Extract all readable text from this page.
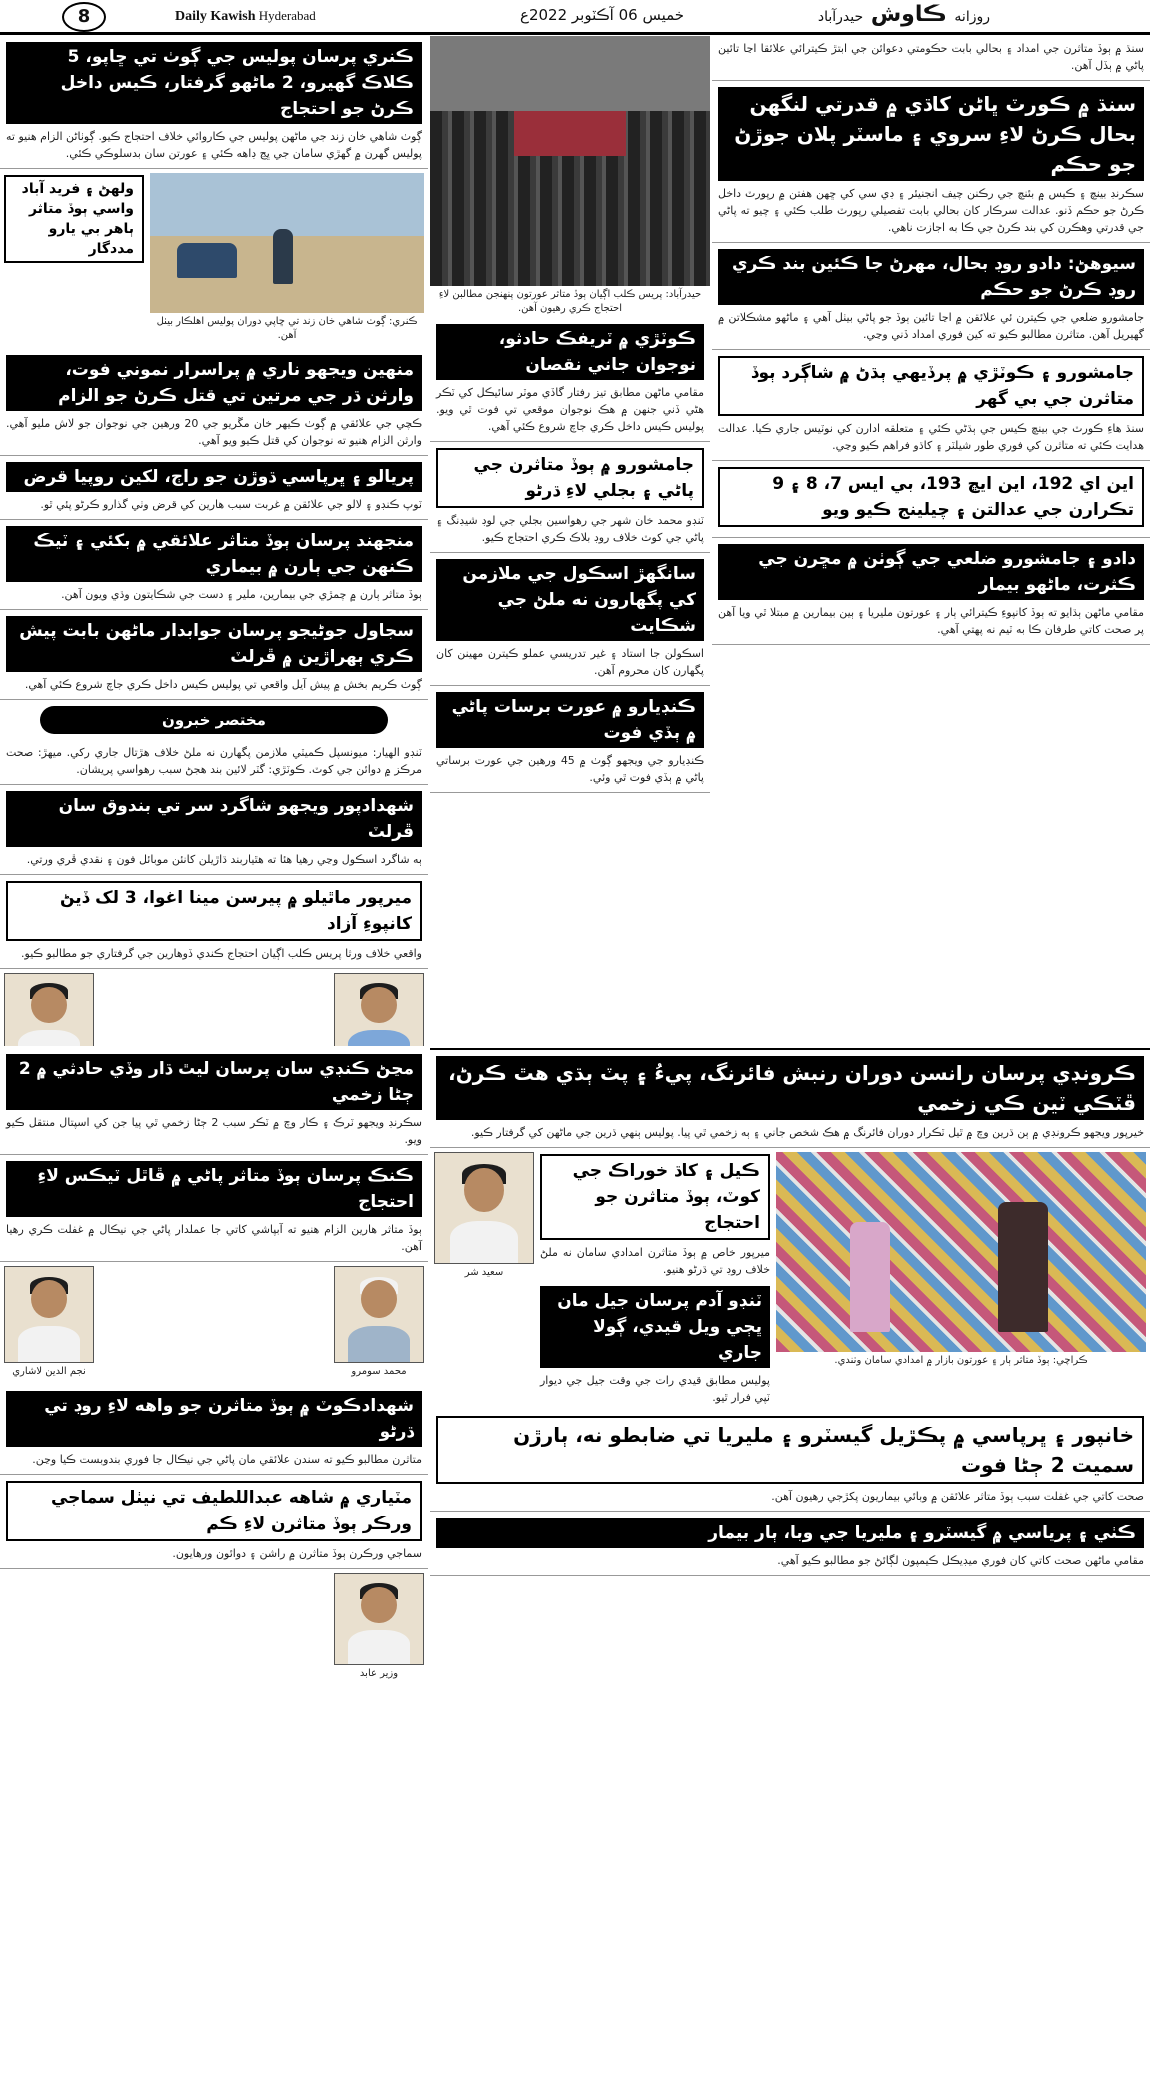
8	Daily Kawish Hyderabad	خميس 06 آڪٽوبر 2022ع	روزانه ڪاوش حيدرآباد
سنڌ ۾ ٻوڏ متاثرن جي امداد ۽ بحالي بابت حڪومتي دعوائن جي ابتڙ ڪيترائي علائقا اڃا تائين پاڻي ۾ ٻڏل آهن.
سنڌ ۾ ڪورٽ ڀاڻن کاڌي ۾ قدرتي لنگهن بحال ڪرڻ لاءِ سروي ۽ ماسٽر پلان جوڙڻ جو حڪم
سڪرنڊ بينچ ۽ ڪيس ۾ بئنچ جي رڪنن چيف انجنيئر ۽ ڊي سي کي ڇهن هفتن ۾ رپورٽ داخل ڪرڻ جو حڪم ڏنو. عدالت سرڪار کان بحالي بابت تفصيلي رپورٽ طلب ڪئي ۽ چيو ته پاڻي جي قدرتي وهڪرن کي بند ڪرڻ جي ڪا به اجازت ناهي.
سيوهڻ: دادو روڊ بحال، مهرڻ جا ڪئين بند ڪري روڊ ڪرڻ جو حڪم
جامشورو ضلعي جي ڪيترن ئي علائقن ۾ اڃا تائين ٻوڏ جو پاڻي بيٺل آهي ۽ ماڻهو مشڪلاتن ۾ گهيريل آهن. متاثرن مطالبو ڪيو ته کين فوري امداد ڏني وڃي.
جامشورو ۽ ڪوٽڙي ۾ پرڏيهي ٻڌڻ ۾ شاڳرد ٻوڏ متاثرن جي بي گهر
سنڌ هاءِ ڪورٽ جي بينچ ڪيس جي ٻڌڻي ڪئي ۽ متعلقه ادارن کي نوٽيس جاري ڪيا. عدالت هدايت ڪئي ته متاثرن کي فوري طور شيلٽر ۽ کاڌو فراهم ڪيو وڃي.
اين اي 192، اين ايڇ 193، بي ايس 7، 8 ۽ 9 تڪرارن جي عدالتن ۽ چيلينج ڪيو ويو
دادو ۽ جامشورو ضلعي جي ڳوٺن ۾ مڇرن جي ڪثرت، ماڻهو بيمار
مقامي ماڻهن ٻڌايو ته ٻوڏ کانپوءِ ڪيترائي ٻار ۽ عورتون مليريا ۽ ٻين بيمارين ۾ مبتلا ٿي ويا آهن پر صحت کاتي طرفان ڪا به ٽيم نه پهتي آهي.
حيدرآباد: پريس ڪلب اڳيان ٻوڏ متاثر عورتون پنهنجن مطالبن لاءِ احتجاج ڪري رهيون آهن.
ڪوٽڙي ۾ ٽريفڪ حادثو، نوجوان جاني نقصان
مقامي ماڻهن مطابق تيز رفتار گاڏي موٽر سائيڪل کي ٽڪر هڻي ڏني جنهن ۾ هڪ نوجوان موقعي تي فوت ٿي ويو. پوليس ڪيس داخل ڪري جاچ شروع ڪئي آهي.
جامشورو ۾ ٻوڏ متاثرن جي پاڻي ۽ بجلي لاءِ ڌرڻو
ٽنڊو محمد خان شهر جي رهواسين بجلي جي لوڊ شيڊنگ ۽ پاڻي جي کوٽ خلاف روڊ بلاڪ ڪري احتجاج ڪيو.
سانگهڙ اسڪول جي ملازمن کي پگهارون نه ملڻ جي شڪايت
اسڪولن جا استاد ۽ غير تدريسي عملو ڪيترن مهينن کان پگهارن کان محروم آهن.
ڪنڊيارو ۾ عورت برسات پاڻي ۾ ٻڏي فوت
ڪنڊيارو جي ويجهو ڳوٺ ۾ 45 ورهين جي عورت برساتي پاڻي ۾ ٻڏي فوت ٿي وئي.
ڪنري پرسان پوليس جي ڳوٺ تي ڇاپو، 5 ڪلاڪ گهيرو، 2 ماڻهو گرفتار، ڪيس داخل ڪرڻ جو احتجاج
ڳوٺ شاهي خان زند جي ماڻهن پوليس جي ڪاروائي خلاف احتجاج ڪيو. ڳوٺاڻن الزام هنيو ته پوليس گهرن ۾ گهڙي سامان جي ڀڃ ڊاهه ڪئي ۽ عورتن سان بدسلوڪي ڪئي.
ولهڻ ۽ فريد آباد واسي ٻوڏ متاثر ٻاهر بي يارو مددگار
ڪنري: ڳوٺ شاهي خان زند تي ڇاپي دوران پوليس اهلڪار بيٺل آهن.
منهين ويجهو ناري ۾ پراسرار نموني فوت، وارثن ڌر جي مرتين تي قتل ڪرڻ جو الزام
ڪچي جي علائقي ۾ ڳوٺ ڪيهر خان مڱريو جي 20 ورهين جي نوجوان جو لاش مليو آهي. وارثن الزام هنيو ته نوجوان کي قتل ڪيو ويو آهي.
پريالو ۽ ڀرپاسي ڌوڙن جو راڄ، لکين روپيا قرض
ٽوپ ڪنڊو ۽ لالو جي علائقن ۾ غربت سبب هارين کي قرض وٺي گذارو ڪرڻو پئي ٿو.
منجهند پرسان ٻوڏ متاثر علائقي ۾ بکئي ۽ ٽيڪ ڪنهن جي ٻارن ۾ بيماري
ٻوڏ متاثر ٻارن ۾ چمڙي جي بيمارين، ملير ۽ دست جي شڪايتون وڌي ويون آهن.
سجاول جوڻيجو پرسان جوابدار ماڻهن بابت پيش ڪري ٻهراڙين ۾ ڦرلٽ
ڳوٺ ڪريم بخش ۾ پيش آيل واقعي تي پوليس ڪيس داخل ڪري جاچ شروع ڪئي آهي.
مختصر خبرون
ٽنڊو الهيار: ميونسپل ڪميٽي ملازمن پگهارن نه ملڻ خلاف هڙتال جاري رکي. ميهڙ: صحت مرڪز ۾ دوائن جي کوٽ. ڪوٽڙي: گٽر لائين بند هجڻ سبب رهواسي پريشان.
شهدادپور ويجهو شاگرد سر تي بندوق سان ڦرلٽ
ٻه شاگرد اسڪول وڃي رهيا هئا ته هٿياربند ڌاڙيلن کانئن موبائل فون ۽ نقدي ڦري ورتي.
ميرپور ماٿيلو ۾ پيرسن مينا اغوا، 3 لک ڏيڻ کانپوءِ آزاد
واقعي خلاف ورثا پريس ڪلب اڳيان احتجاج ڪندي ڏوهارين جي گرفتاري جو مطالبو ڪيو.
ڪرونڊي پرسان رانسن دوران رنبش فائرنگ، پيءُ ۽ پٽ ٻڌي هٿ ڪرڻ، ڦٽڪي ٽين ڪي زخمي
خيرپور ويجهو ڪرونڊي ۾ ٻن ڌرين وچ ۾ ٿيل ٽڪرار دوران فائرنگ ۾ هڪ شخص جاني ۽ ٻه زخمي ٿي پيا. پوليس ٻنهي ڌرين جي ماڻهن کي گرفتار ڪيو.
سعيد شر
ڪيل ۽ کاڌ خوراڪ جي کوٽ، ٻوڏ متاثرن جو احتجاج
ميرپور خاص ۾ ٻوڏ متاثرن امدادي سامان نه ملڻ خلاف روڊ تي ڌرڻو هنيو.
ٽنڊو آدم پرسان جيل مان ڀڄي ويل قيدي، ڳولا جاري
پوليس مطابق قيدي رات جي وقت جيل جي ديوار ٽپي فرار ٿيو.
ڪراچي: ٻوڏ متاثر ٻار ۽ عورتون بازار ۾ امدادي سامان وٺندي.
خانپور ۽ ڀرپاسي ۾ پڪڙيل گيسٽرو ۽ مليريا تي ضابطو نه، ٻارڙن سميت 2 ڄڻا فوت
صحت کاتي جي غفلت سبب ٻوڏ متاثر علائقن ۾ وبائي بيماريون پکڙجي رهيون آهن.
ڪٺي ۽ پرياسي ۾ گيسٽرو ۽ مليريا جي وبا، ٻار بيمار
مقامي ماڻهن صحت کاتي کان فوري ميڊيڪل ڪيمپون لڳائڻ جو مطالبو ڪيو آهي.
مڃڻ ڪنڊي سان پرسان ليٿ ڌار وڏي حادثي ۾ 2 ڄڻا زخمي
سڪرنڊ ويجهو ٽرڪ ۽ ڪار وچ ۾ ٽڪر سبب 2 ڄڻا زخمي ٿي پيا جن کي اسپتال منتقل ڪيو ويو.
ڪنڪ پرسان ٻوڏ متاثر پاڻي ۾ ڦاٿل ٽيڪس لاءِ احتجاج
ٻوڏ متاثر هارين الزام هنيو ته آبپاشي کاتي جا عملدار پاڻي جي نيڪال ۾ غفلت ڪري رهيا آهن.
نجم الدين لاشاري	محمد سومرو
شهدادڪوٽ ۾ ٻوڏ متاثرن جو واهه لاءِ روڊ تي ڌرڻو
متاثرن مطالبو ڪيو ته سندن علائقي مان پاڻي جي نيڪال جا فوري بندوبست ڪيا وڃن.
مٽياري ۾ شاهه عبداللطيف تي نيٺل سماجي ورڪر ٻوڏ متاثرن لاءِ ڪم
سماجي ورڪرن ٻوڏ متاثرن ۾ راشن ۽ دوائون ورهايون.
وزير عابد
